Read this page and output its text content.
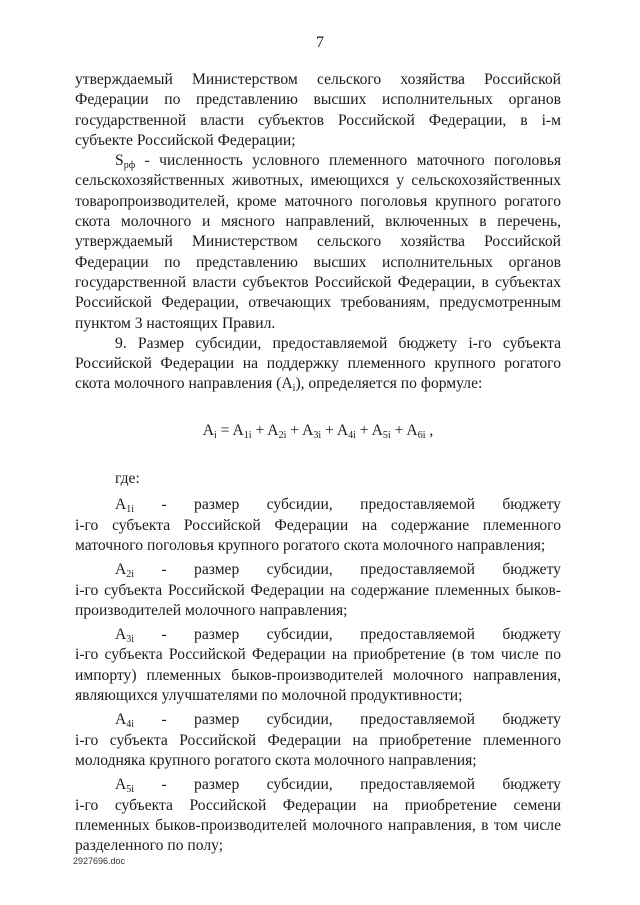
7

утверждаемый Министерством сельского хозяйства Российской Федерации по представлению высших исполнительных органов государственной власти субъектов Российской Федерации, в i-м субъекте Российской Федерации;

$S_{рф}$ - численность условного племенного маточного поголовья сельскохозяйственных животных, имеющихся у сельскохозяйственных товаропроизводителей, кроме маточного поголовья крупного рогатого скота молочного и мясного направлений, включенных в перечень, утверждаемый Министерством сельского хозяйства Российской Федерации по представлению высших исполнительных органов государственной власти субъектов Российской Федерации, в субъектах Российской Федерации, отвечающих требованиям, предусмотренным пунктом 3 настоящих Правил.

9. Размер субсидии, предоставляемой бюджету i-го субъекта Российской Федерации на поддержку племенного крупного рогатого скота молочного направления $(A_i)$, определяется по формуле:

$A_i = A_{1i} + A_{2i} + A_{3i} + A_{4i} + A_{5i} + A_{6i}$ ,

где:

$A_{1i}$ - размер субсидии, предоставляемой бюджету
i-го субъекта Российской Федерации на содержание племенного маточного поголовья крупного рогатого скота молочного направления;
$A_{2i}$ - размер субсидии, предоставляемой бюджету
i-го субъекта Российской Федерации на содержание племенных быков-производителей молочного направления;
$A_{3i}$ - размер субсидии, предоставляемой бюджету
i-го субъекта Российской Федерации на приобретение (в том числе по импорту) племенных быков-производителей молочного направления, являющихся улучшателями по молочной продуктивности;
$A_{4i}$ - размер субсидии, предоставляемой бюджету
i-го субъекта Российской Федерации на приобретение племенного молодняка крупного рогатого скота молочного направления;
$A_{5i}$ - размер субсидии, предоставляемой бюджету
i-го субъекта Российской Федерации на приобретение семени племенных быков-производителей молочного направления, в том числе разделенного по полу;
2927696.doc
